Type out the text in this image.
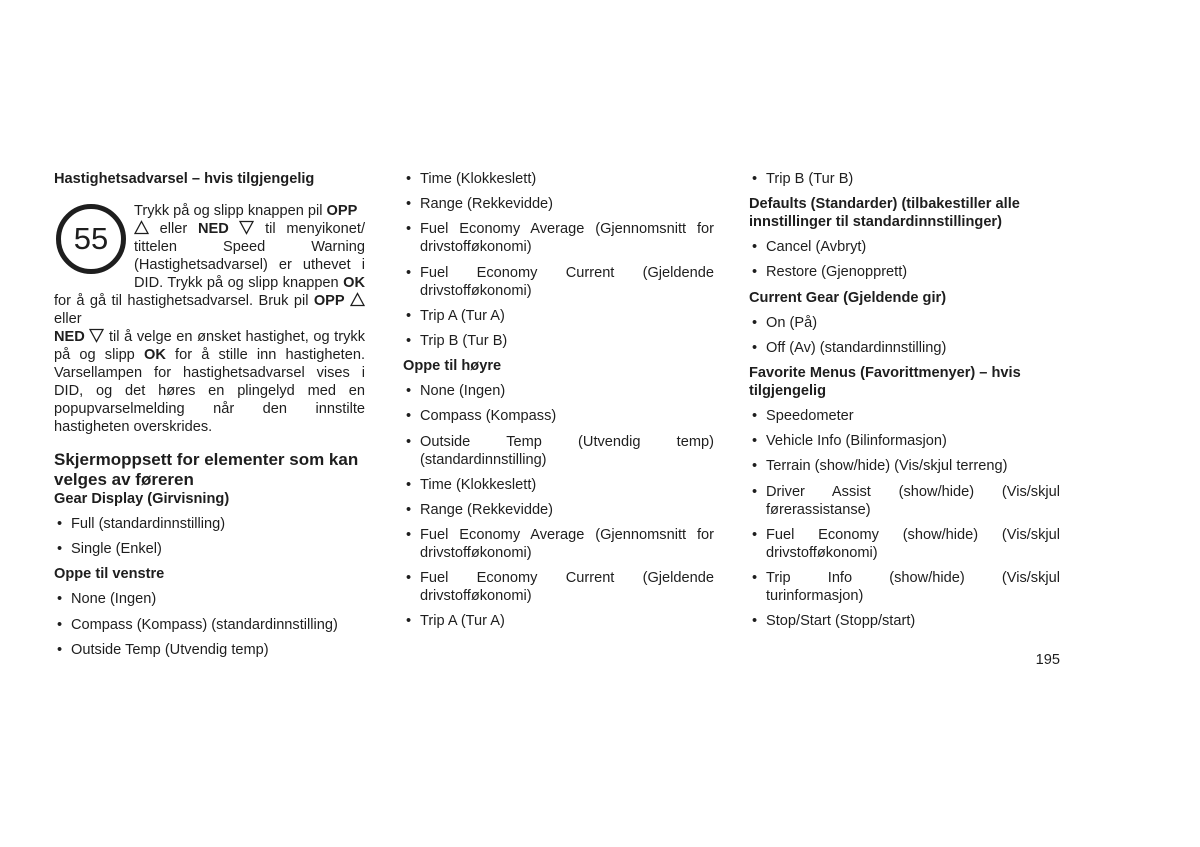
Hastighetsadvarsel – hvis tilgjengelig
55

Trykk på og slipp knappen pil OPP
eller NED  til menyikonet/ tittelen Speed Warning (Hastighetsadvarsel) er uthevet i DID. Trykk på og slipp knappen OK for å gå til hastighetsadvarsel. Bruk pil OPP  eller
NED  til å velge en ønsket hastighet, og trykk på og slipp OK for å stille inn hastigheten. Varsellampen for hastighetsadvarsel vises i DID, og det høres en plingelyd med en popupvarselmelding når den innstilte hastigheten overskrides.

Skjermoppsett for elementer som kan velges av føreren
Gear Display (Girvisning)
• Full (standardinnstilling)
• Single (Enkel)
Oppe til venstre
• None (Ingen)
• Compass (Kompass) (standardinnstilling)
• Outside Temp (Utvendig temp)
• Time (Klokkeslett)
• Range (Rekkevidde)
• Fuel Economy Average (Gjennomsnitt for drivstofføkonomi)
• Fuel Economy Current (Gjeldende drivstofføkonomi)
• Trip A (Tur A)
• Trip B (Tur B)
Oppe til høyre
• None (Ingen)
• Compass (Kompass)
• Outside Temp (Utvendig temp) (standardinnstilling)
• Time (Klokkeslett)
• Range (Rekkevidde)
• Fuel Economy Average (Gjennomsnitt for drivstofføkonomi)
• Fuel Economy Current (Gjeldende drivstofføkonomi)
• Trip A (Tur A)
• Trip B (Tur B)
Defaults (Standarder) (tilbakestiller alle innstillinger til standardinnstillinger)
• Cancel (Avbryt)
• Restore (Gjenopprett)
Current Gear (Gjeldende gir)
• On (På)
• Off (Av) (standardinnstilling)
Favorite Menus (Favorittmenyer) – hvis tilgjengelig
• Speedometer
• Vehicle Info (Bilinformasjon)
• Terrain (show/hide) (Vis/skjul terreng)
• Driver Assist (show/hide) (Vis/skjul førerassistanse)
• Fuel Economy (show/hide) (Vis/skjul drivstofføkonomi)
• Trip Info (show/hide) (Vis/skjul turinformasjon)
• Stop/Start (Stopp/start)
195
